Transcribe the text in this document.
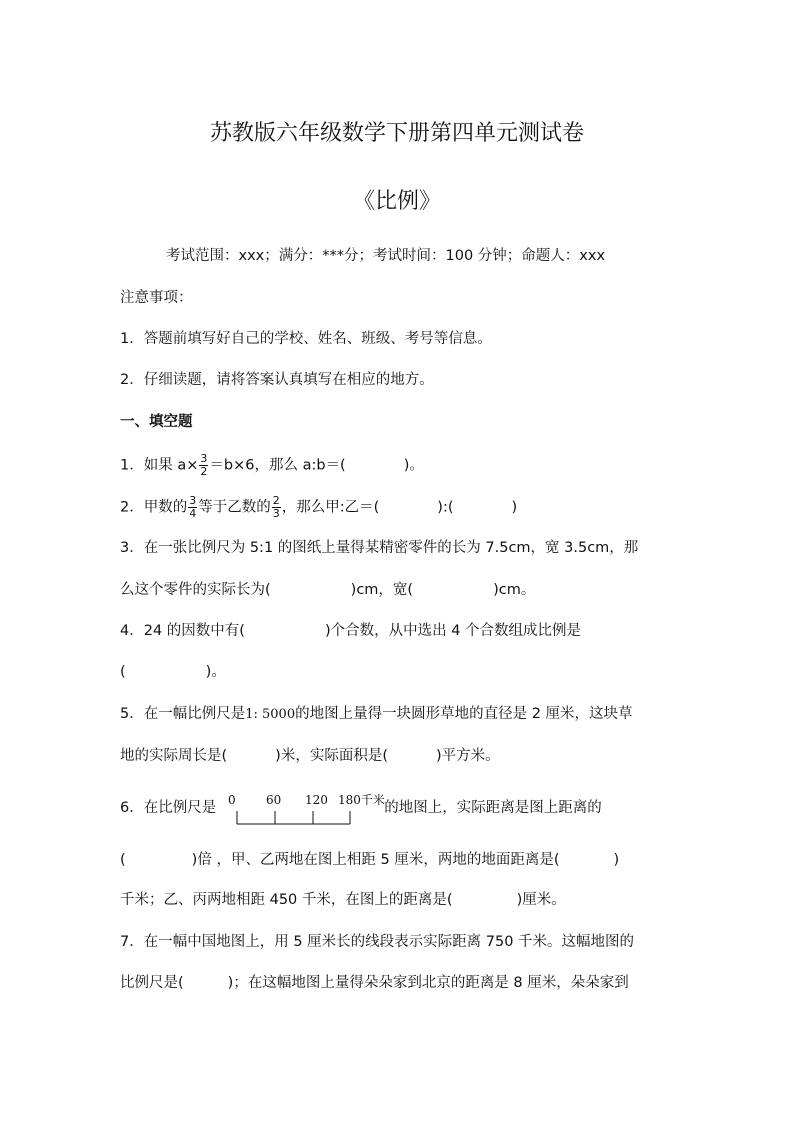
苏教版六年级数学下册第四单元测试卷
《比例》
考试范围：xxx；满分：***分；考试时间：100 分钟；命题人：xxx
注意事项：
1．答题前填写好自己的学校、姓名、班级、考号等信息。
2．仔细读题，请将答案认真填写在相应的地方。
一、填空题
1．如果 $a\times \frac{3}{2} =b\times 6$，那么 a:b＝(	)。
2．甲数的 $\frac{3}{4}$ 等于乙数的 $\frac{2}{3}$ ，那么甲:乙＝(	):(	)
3．在一张比例尺为 5:1 的图纸上量得某精密零件的长为 7.5cm，宽 3.5cm，那
么这个零件的实际长为(	)cm，宽(	)cm。
4．24 的因数中有(	)个合数，从中选出 4 个合数组成比例是
(	)。
5．在一幅比例尺是1: 5000的地图上量得一块圆形草地的直径是 2 厘米，这块草
地的实际周长是(	)米，实际面积是(	)平方米。
6．在比例尺是	的地图上，实际距离是图上距离的
0	60 120 180千米
(	)倍 ，甲、乙两地在图上相距 5 厘米，两地的地面距离是(	)
千米；乙、丙两地相距 450 千米，在图上的距离是(	)厘米。
7．在一幅中国地图上，用 5 厘米长的线段表示实际距离 750 千米。这幅地图的
比例尺是(	)；在这幅地图上量得朵朵家到北京的距离是 8 厘米，朵朵家到
